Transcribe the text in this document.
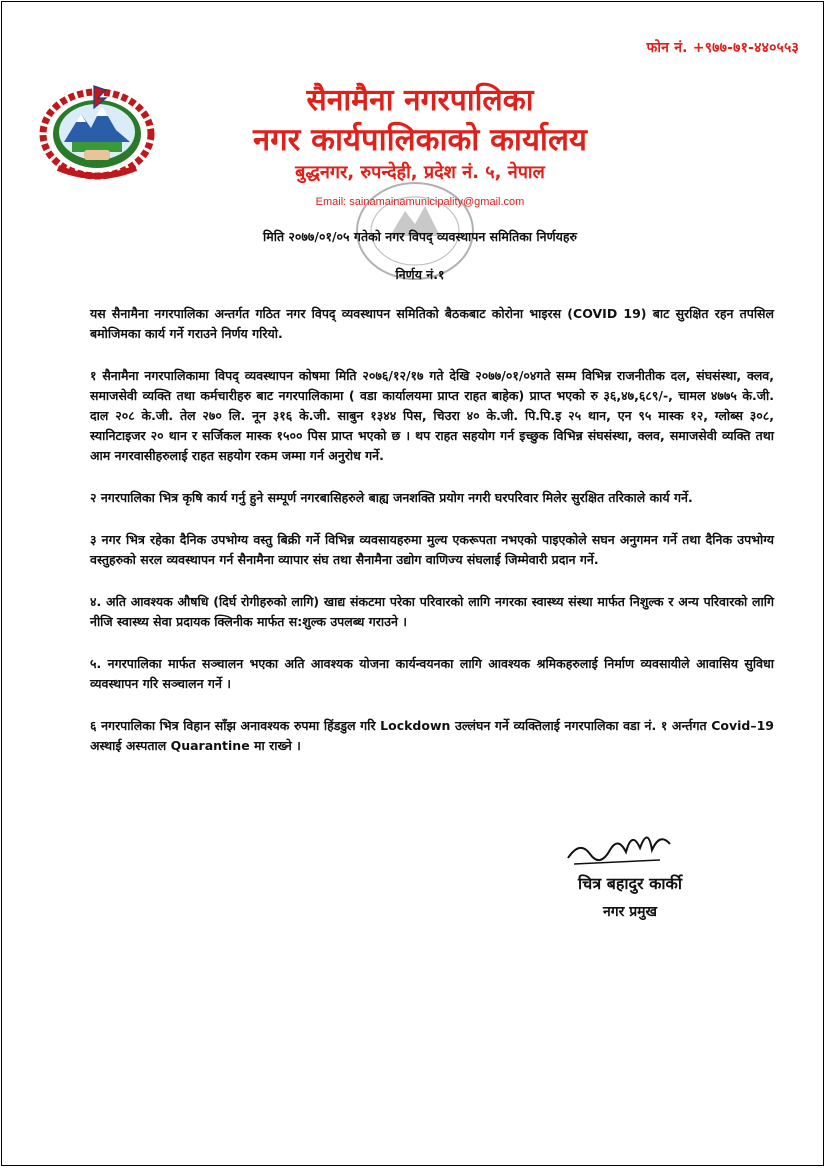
फोन नं. +९७७-७१-४४०५५३
सैनामैना नगरपालिका
नगर कार्यपालिकाको कार्यालय
बुद्धनगर, रुपन्देही, प्रदेश नं. ५, नेपाल
Email: sainamainamunicipality@gmail.com
मिति २०७७/०१/०५ गतेको नगर विपद् व्यवस्थापन समितिका निर्णयहरु
निर्णय नं.१

यस सैनामैना नगरपालिका अन्तर्गत गठित नगर विपद् व्यवस्थापन समितिको बैठकबाट कोरोना भाइरस (COVID 19) बाट सुरक्षित रहन तपसिल बमोजिमका कार्य गर्ने गराउने निर्णय गरियो.

१ सैनामैना नगरपालिकामा विपद् व्यवस्थापन कोषमा मिति २०७६/१२/१७ गते देखि २०७७/०१/०४गते सम्म विभिन्न राजनीतीक दल, संघसंस्था, क्लव, समाजसेवी व्यक्ति तथा कर्मचारीहरु बाट नगरपालिकामा ( वडा कार्यालयमा प्राप्त राहत बाहेक) प्राप्त भएको रु ३६,४७,६८९/-, चामल ४७७५ के.जी. दाल २०८ के.जी. तेल २७० लि. नून ३१६ के.जी. साबुन १३४४ पिस, चिउरा ४० के.जी. पि.पि.इ २५ थान, एन ९५ मास्क १२, ग्लोब्स ३०८, स्यानिटाइजर २० थान र सर्जिकल मास्क १५०० पिस प्राप्त भएको छ । थप राहत सहयोग गर्न इच्छुक विभिन्न संघसंस्था, क्लव, समाजसेवी व्यक्ति तथा आम नगरवासीहरुलाई राहत सहयोग रकम जम्मा गर्न अनुरोध गर्ने.

२ नगरपालिका भित्र कृषि कार्य गर्नु हुने सम्पूर्ण नगरबासिहरुले बाह्य जनशक्ति प्रयोग नगरी घरपरिवार मिलेर सुरक्षित तरिकाले कार्य गर्ने.

३ नगर भित्र रहेका दैनिक उपभोग्य वस्तु बिक्री गर्ने विभिन्न व्यवसायहरुमा मुल्य एकरूपता नभएको पाइएकोले सघन अनुगमन गर्ने तथा दैनिक उपभोग्य वस्तुहरुको सरल व्यवस्थापन गर्न सैनामैना व्यापार संघ तथा सैनामैना उद्योग वाणिज्य संघलाई जिम्मेवारी प्रदान गर्ने.

४. अति आवश्यक औषधि (दिर्घ रोगीहरुको लागि) खाद्य संकटमा परेका परिवारको लागि नगरका स्वास्थ्य संस्था मार्फत निशुल्क र अन्य परिवारको लागि नीजि स्वास्थ्य सेवा प्रदायक क्लिनीक मार्फत स:शुल्क उपलब्ध गराउने ।

५. नगरपालिका मार्फत सञ्चालन भएका अति आवश्यक योजना कार्यन्वयनका लागि आवश्यक श्रमिकहरुलाई निर्माण व्यवसायीले आवासिय सुविधा व्यवस्थापन गरि सञ्चालन गर्ने ।

६ नगरपालिका भित्र विहान साँझ अनावश्यक रुपमा हिंडडुल गरि Lockdown उल्लंघन गर्ने व्यक्तिलाई नगरपालिका वडा नं. १ अर्न्तगत Covid–19 अस्थाई अस्पताल Quarantine मा राख्ने ।

चित्र बहादुर कार्की
नगर प्रमुख
